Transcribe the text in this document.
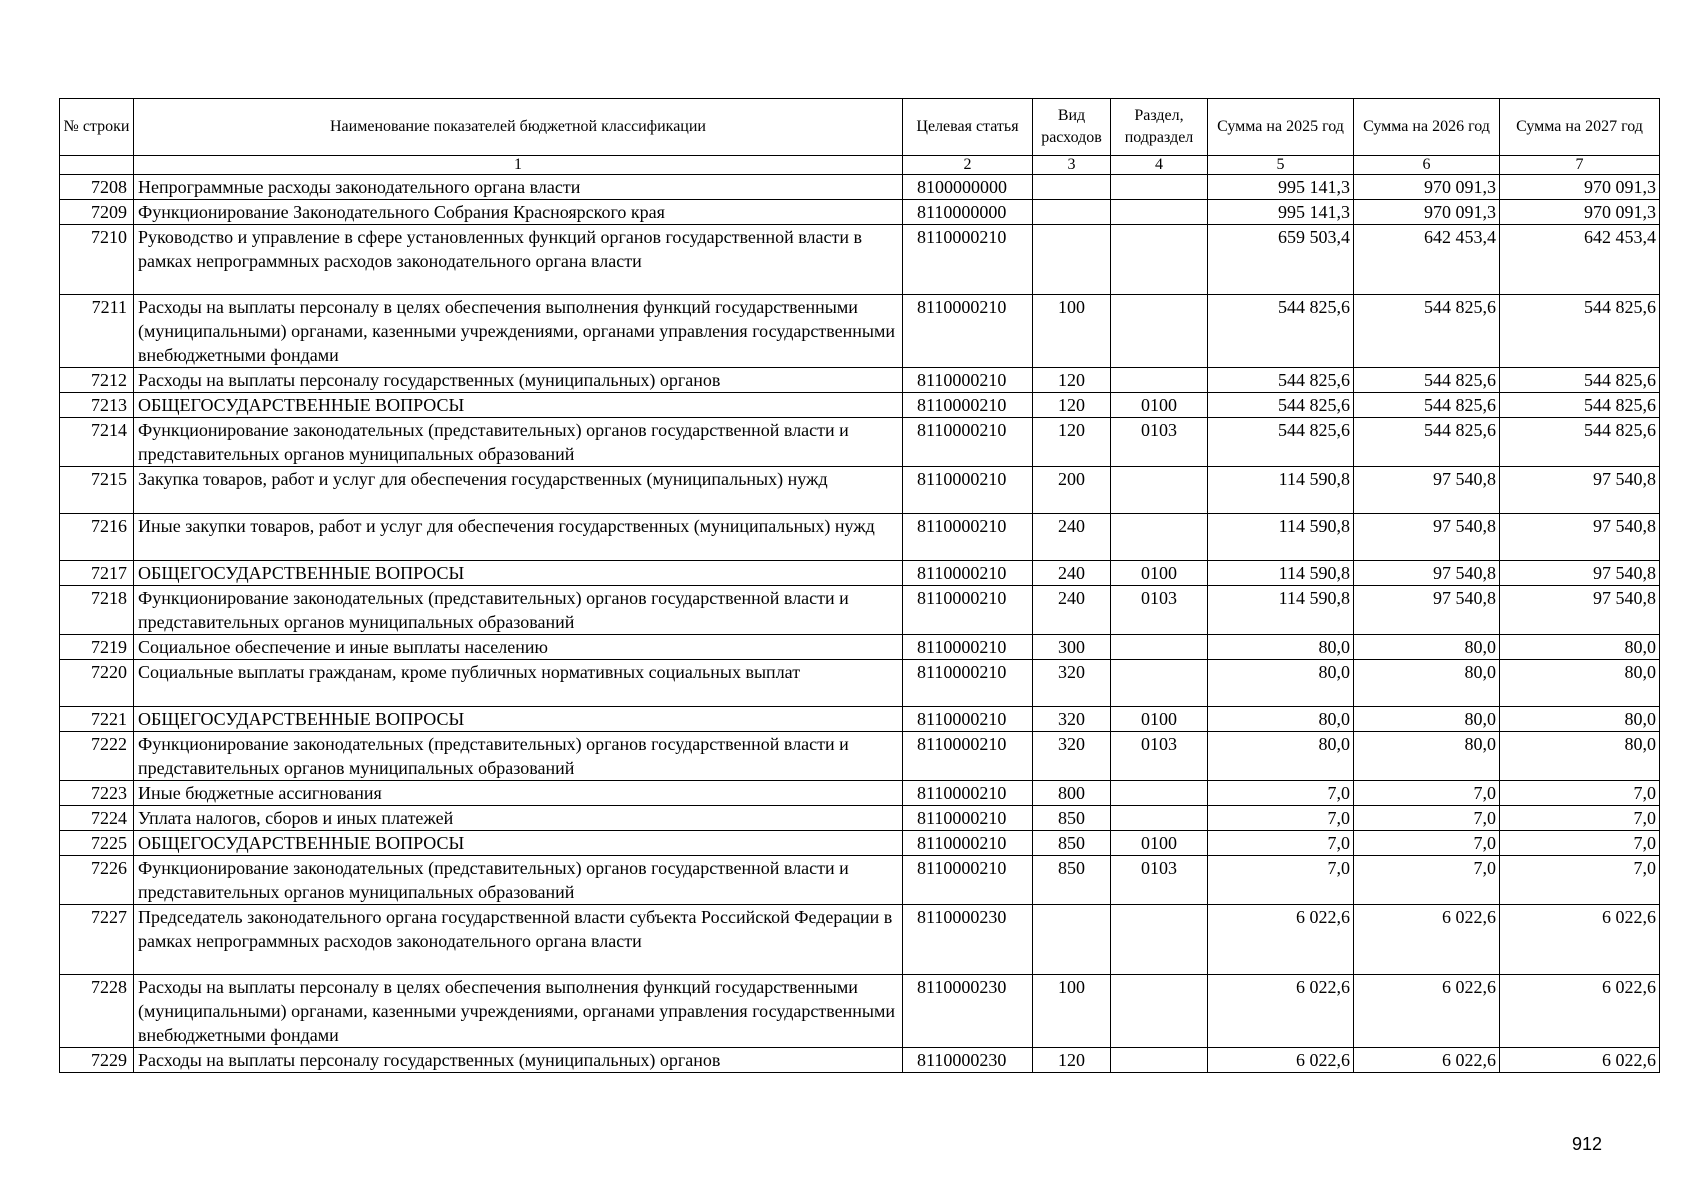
№ строки	Наименование показателей бюджетной классификации	Целевая статья	Вид расходов	Раздел, подраздел	Сумма на 2025 год	Сумма на 2026 год	Сумма на 2027 год
	1	2	3	4	5	6	7
7208	Непрограммные расходы законодательного органа власти	8100000000			995 141,3	970 091,3	970 091,3
7209	Функционирование Законодательного Собрания Красноярского края	8110000000			995 141,3	970 091,3	970 091,3
7210	Руководство и управление в сфере установленных функций органов государственной власти в рамках непрограммных расходов законодательного органа власти	8110000210			659 503,4	642 453,4	642 453,4
7211	Расходы на выплаты персоналу в целях обеспечения выполнения функций государственными (муниципальными) органами, казенными учреждениями, органами управления государственными внебюджетными фондами	8110000210	100		544 825,6	544 825,6	544 825,6
7212	Расходы на выплаты персоналу государственных (муниципальных) органов	8110000210	120		544 825,6	544 825,6	544 825,6
7213	ОБЩЕГОСУДАРСТВЕННЫЕ ВОПРОСЫ	8110000210	120	0100	544 825,6	544 825,6	544 825,6
7214	Функционирование законодательных (представительных) органов государственной власти и представительных органов муниципальных образований	8110000210	120	0103	544 825,6	544 825,6	544 825,6
7215	Закупка товаров, работ и услуг для обеспечения государственных (муниципальных) нужд	8110000210	200		114 590,8	97 540,8	97 540,8
7216	Иные закупки товаров, работ и услуг для обеспечения государственных (муниципальных) нужд	8110000210	240		114 590,8	97 540,8	97 540,8
7217	ОБЩЕГОСУДАРСТВЕННЫЕ ВОПРОСЫ	8110000210	240	0100	114 590,8	97 540,8	97 540,8
7218	Функционирование законодательных (представительных) органов государственной власти и представительных органов муниципальных образований	8110000210	240	0103	114 590,8	97 540,8	97 540,8
7219	Социальное обеспечение и иные выплаты населению	8110000210	300		80,0	80,0	80,0
7220	Социальные выплаты гражданам, кроме публичных нормативных социальных выплат	8110000210	320		80,0	80,0	80,0
7221	ОБЩЕГОСУДАРСТВЕННЫЕ ВОПРОСЫ	8110000210	320	0100	80,0	80,0	80,0
7222	Функционирование законодательных (представительных) органов государственной власти и представительных органов муниципальных образований	8110000210	320	0103	80,0	80,0	80,0
7223	Иные бюджетные ассигнования	8110000210	800		7,0	7,0	7,0
7224	Уплата налогов, сборов и иных платежей	8110000210	850		7,0	7,0	7,0
7225	ОБЩЕГОСУДАРСТВЕННЫЕ ВОПРОСЫ	8110000210	850	0100	7,0	7,0	7,0
7226	Функционирование законодательных (представительных) органов государственной власти и представительных органов муниципальных образований	8110000210	850	0103	7,0	7,0	7,0
7227	Председатель законодательного органа государственной власти субъекта Российской Федерации в рамках непрограммных расходов законодательного органа власти	8110000230			6 022,6	6 022,6	6 022,6
7228	Расходы на выплаты персоналу в целях обеспечения выполнения функций государственными (муниципальными) органами, казенными учреждениями, органами управления государственными внебюджетными фондами	8110000230	100		6 022,6	6 022,6	6 022,6
7229	Расходы на выплаты персоналу государственных (муниципальных) органов	8110000230	120		6 022,6	6 022,6	6 022,6
912
